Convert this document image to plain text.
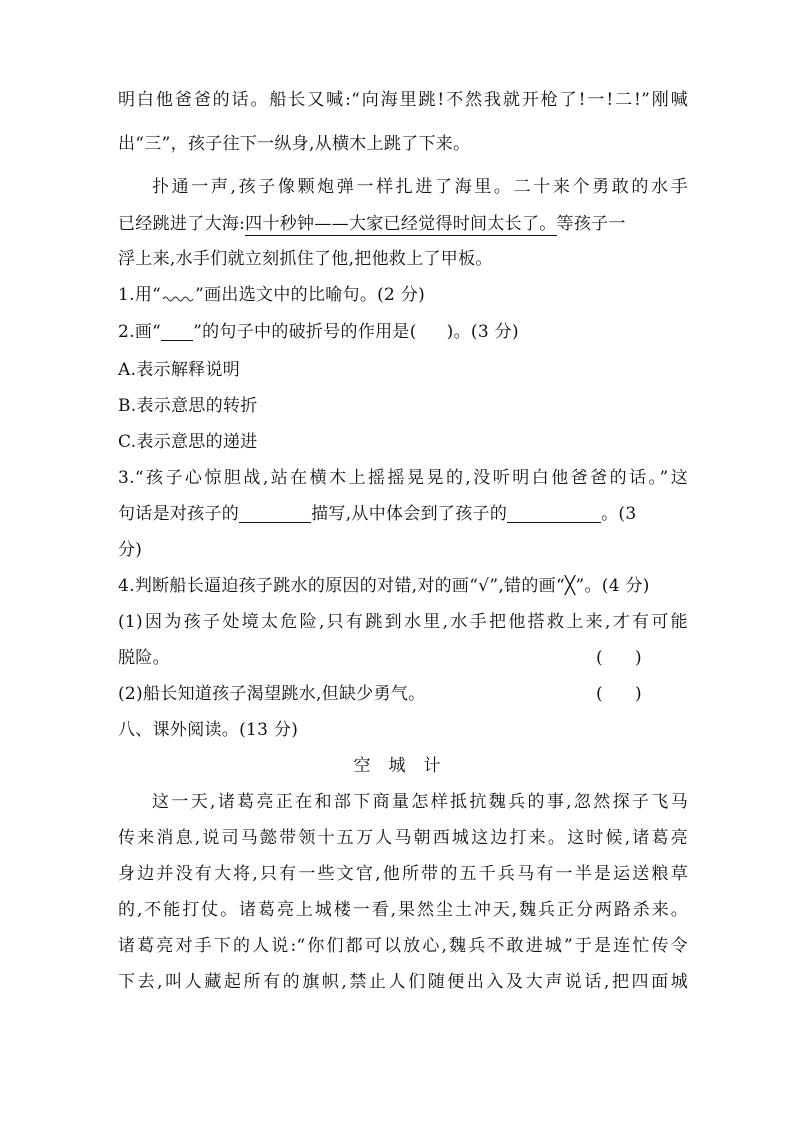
明白他爸爸的话。船长又喊:“向海里跳!不然我就开枪了!一!二!”刚喊
出“三”，孩子往下一纵身,从横木上跳了下来。
扑通一声,孩子像颗炮弹一样扎进了海里。二十来个勇敢的水手
已经跳进了大海:四十秒钟——大家已经觉得时间太长了。等孩子一
浮上来,水手们就立刻抓住了他,把他救上了甲板。
1.用“ ”画出选文中的比喻句。(2 分)
2.画“ ”的句子中的破折号的作用是( )。(3 分)
A.表示解释说明
B.表示意思的转折
C.表示意思的递进
3.“孩子心惊胆战,站在横木上摇摇晃晃的,没听明白他爸爸的话。”这
句话是对孩子的	描写,从中体会到了孩子的	。(3
分)
4.判断船长逼迫孩子跳水的原因的对错,对的画“√”,错的画“╳”。(4 分)
(1)因为孩子处境太危险,只有跳到水里,水手把他搭救上来,才有可能
脱险。	(      )
(2)船长知道孩子渴望跳水,但缺少勇气。	(      )
八、课外阅读。(13 分)
空城计
这一天,诸葛亮正在和部下商量怎样抵抗魏兵的事,忽然探子飞马
传来消息,说司马懿带领十五万人马朝西城这边打来。这时候,诸葛亮
身边并没有大将,只有一些文官,他所带的五千兵马有一半是运送粮草
的,不能打仗。诸葛亮上城楼一看,果然尘土冲天,魏兵正分两路杀来。
诸葛亮对手下的人说:“你们都可以放心,魏兵不敢进城”于是连忙传令
下去,叫人藏起所有的旗帜,禁止人们随便出入及大声说话,把四面城
